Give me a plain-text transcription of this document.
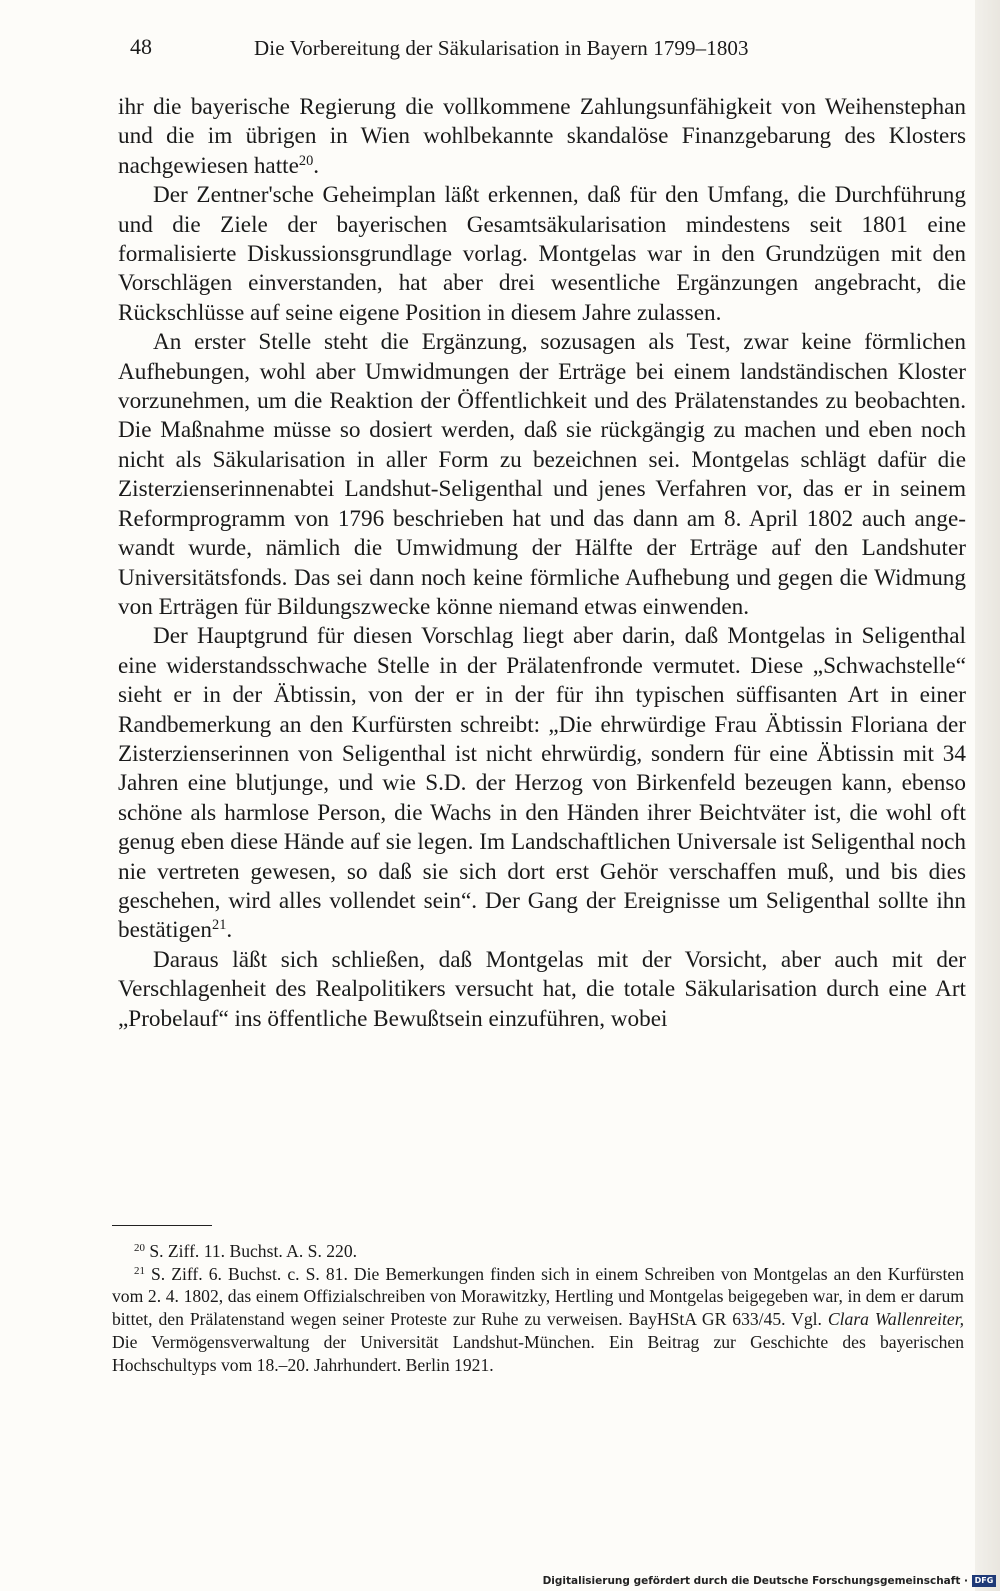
48	Die Vorbereitung der Säkularisation in Bayern 1799–1803

ihr die bayerische Regierung die vollkommene Zahlungsunfähigkeit von Weihenstephan und die im übrigen in Wien wohlbekannte skandalöse Finanzgebarung des Klosters nachgewiesen hatte$^{20}$.

Der Zentner'sche Geheimplan läßt erkennen, daß für den Umfang, die Durchführung und die Ziele der bayerischen Gesamtsäkularisation mindestens seit 1801 eine formalisierte Diskussionsgrundlage vorlag. Montgelas war in den Grundzügen mit den Vorschlägen einverstanden, hat aber drei wesentliche Ergänzungen angebracht, die Rückschlüsse auf seine eigene Position in diesem Jahre zulassen.

An erster Stelle steht die Ergänzung, sozusagen als Test, zwar keine förmlichen Aufhebungen, wohl aber Umwidmungen der Erträge bei einem landständischen Kloster vorzunehmen, um die Reaktion der Öffentlichkeit und des Prälatenstandes zu beobachten. Die Maßnahme müsse so dosiert werden, daß sie rückgängig zu machen und eben noch nicht als Säkularisation in aller Form zu bezeichnen sei. Montgelas schlägt dafür die Zisterzienserinnenabtei Landshut-Seligenthal und jenes Verfahren vor, das er in seinem Reformprogramm von 1796 beschrieben hat und das dann am 8. April 1802 auch angewandt wurde, nämlich die Umwidmung der Hälfte der Erträge auf den Landshuter Universitätsfonds. Das sei dann noch keine förmliche Aufhebung und gegen die Widmung von Erträgen für Bildungszwecke könne niemand etwas einwenden.

Der Hauptgrund für diesen Vorschlag liegt aber darin, daß Montgelas in Seligenthal eine widerstandsschwache Stelle in der Prälatenfronde vermutet. Diese „Schwachstelle“ sieht er in der Äbtissin, von der er in der für ihn typischen süffisanten Art in einer Randbemerkung an den Kurfürsten schreibt: „Die ehrwürdige Frau Äbtissin Floriana der Zisterzienserinnen von Seligenthal ist nicht ehrwürdig, sondern für eine Äbtissin mit 34 Jahren eine blutjunge, und wie S.D. der Herzog von Birkenfeld bezeugen kann, ebenso schöne als harmlose Person, die Wachs in den Händen ihrer Beichtväter ist, die wohl oft genug eben diese Hände auf sie legen. Im Landschaftlichen Universale ist Seligenthal noch nie vertreten gewesen, so daß sie sich dort erst Gehör verschaffen muß, und bis dies geschehen, wird alles vollendet sein“. Der Gang der Ereignisse um Seligenthal sollte ihn bestätigen$^{21}$.

Daraus läßt sich schließen, daß Montgelas mit der Vorsicht, aber auch mit der Verschlagenheit des Realpolitikers versucht hat, die totale Säkularisation durch eine Art „Probelauf“ ins öffentliche Bewußtsein einzuführen, wobei

$^{20}$ S. Ziff. 11. Buchst. A. S. 220.

$^{21}$ S. Ziff. 6. Buchst. c. S. 81. Die Bemerkungen finden sich in einem Schreiben von Montgelas an den Kurfürsten vom 2. 4. 1802, das einem Offizialschreiben von Morawitzky, Hertling und Montgelas beigegeben war, in dem er darum bittet, den Prälatenstand wegen seiner Proteste zur Ruhe zu verweisen. BayHStA GR 633/45. Vgl. Clara Wallenreiter, Die Vermögensverwaltung der Universität Landshut-München. Ein Beitrag zur Geschichte des bayerischen Hochschultyps vom 18.–20. Jahrhundert. Berlin 1921.

Digitalisierung gefördert durch die Deutsche Forschungsgemeinschaft · DFG
